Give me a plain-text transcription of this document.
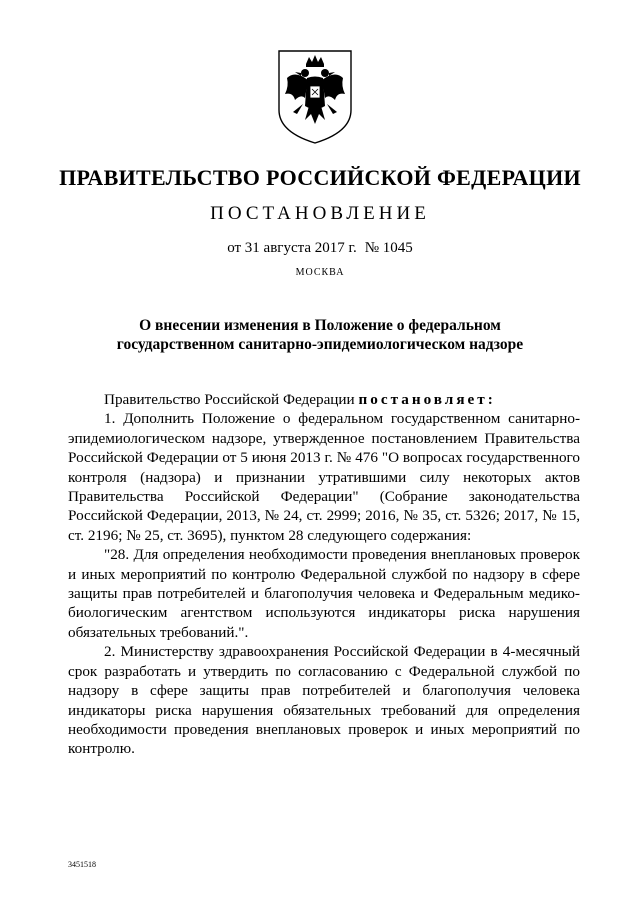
ПРАВИТЕЛЬСТВО РОССИЙСКОЙ ФЕДЕРАЦИИ
ПОСТАНОВЛЕНИЕ
от 31 августа 2017 г. № 1045
МОСКВА
О внесении изменения в Положение о федеральном
государственном санитарно-эпидемиологическом надзоре

Правительство Российской Федерации постановляет:

1. Дополнить Положение о федеральном государственном санитарно-эпидемиологическом надзоре, утвержденное постановлением Правительства Российской Федерации от 5 июня 2013 г. № 476 "О вопросах государственного контроля (надзора) и признании утратившими силу некоторых актов Правительства Российской Федерации" (Собрание законодательства Российской Федерации, 2013, № 24, ст. 2999; 2016, № 35, ст. 5326; 2017, № 15, ст. 2196; № 25, ст. 3695), пунктом 28 следующего содержания:

"28. Для определения необходимости проведения внеплановых проверок и иных мероприятий по контролю Федеральной службой по надзору в сфере защиты прав потребителей и благополучия человека и Федеральным медико-биологическим агентством используются индикаторы риска нарушения обязательных требований.".

2. Министерству здравоохранения Российской Федерации в 4-месячный срок разработать и утвердить по согласованию с Федеральной службой по надзору в сфере защиты прав потребителей и благополучия человека индикаторы риска нарушения обязательных требований для определения необходимости проведения внеплановых проверок и иных мероприятий по контролю.

3451518
